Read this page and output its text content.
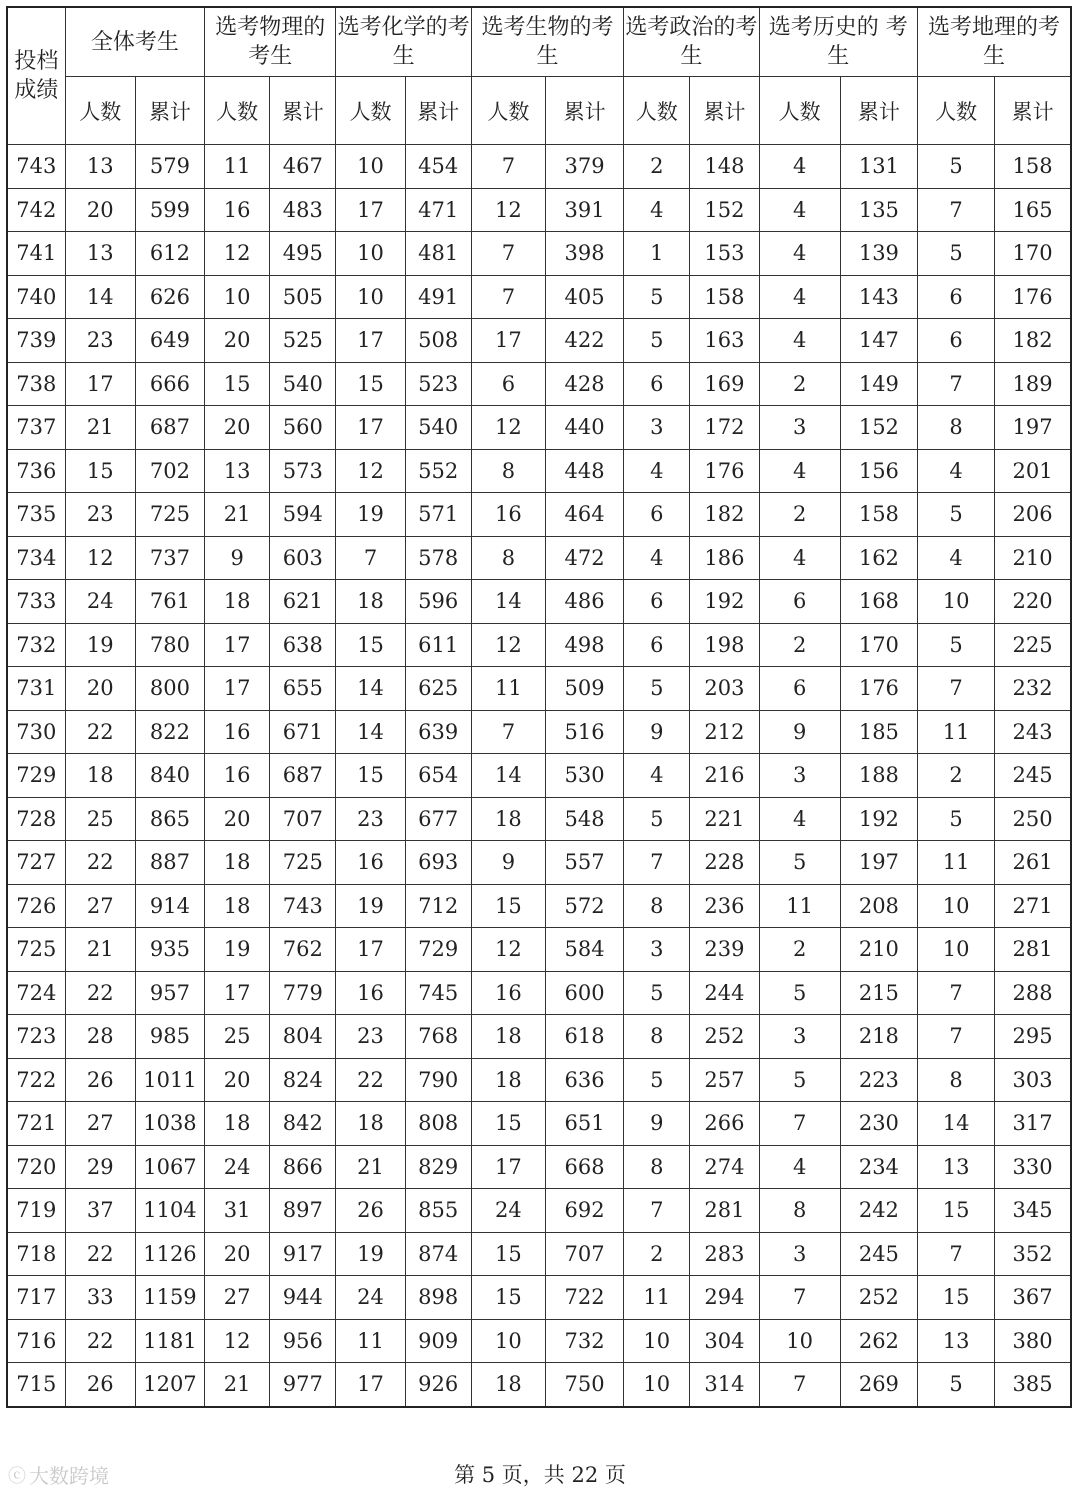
投档成绩	全体考生		选考物理的考生		选考化学的考生		选考生物的考生		选考政治的考生		选考历史的 考生		选考地理的考生	
	人数	累计	人数	累计	人数	累计	人数	累计	人数	累计	人数	累计	人数	累计
743	13	579	11	467	10	454	7	379	2	148	4	131	5	158
742	20	599	16	483	17	471	12	391	4	152	4	135	7	165
741	13	612	12	495	10	481	7	398	1	153	4	139	5	170
740	14	626	10	505	10	491	7	405	5	158	4	143	6	176
739	23	649	20	525	17	508	17	422	5	163	4	147	6	182
738	17	666	15	540	15	523	6	428	6	169	2	149	7	189
737	21	687	20	560	17	540	12	440	3	172	3	152	8	197
736	15	702	13	573	12	552	8	448	4	176	4	156	4	201
735	23	725	21	594	19	571	16	464	6	182	2	158	5	206
734	12	737	9	603	7	578	8	472	4	186	4	162	4	210
733	24	761	18	621	18	596	14	486	6	192	6	168	10	220
732	19	780	17	638	15	611	12	498	6	198	2	170	5	225
731	20	800	17	655	14	625	11	509	5	203	6	176	7	232
730	22	822	16	671	14	639	7	516	9	212	9	185	11	243
729	18	840	16	687	15	654	14	530	4	216	3	188	2	245
728	25	865	20	707	23	677	18	548	5	221	4	192	5	250
727	22	887	18	725	16	693	9	557	7	228	5	197	11	261
726	27	914	18	743	19	712	15	572	8	236	11	208	10	271
725	21	935	19	762	17	729	12	584	3	239	2	210	10	281
724	22	957	17	779	16	745	16	600	5	244	5	215	7	288
723	28	985	25	804	23	768	18	618	8	252	3	218	7	295
722	26	1011	20	824	22	790	18	636	5	257	5	223	8	303
721	27	1038	18	842	18	808	15	651	9	266	7	230	14	317
720	29	1067	24	866	21	829	17	668	8	274	4	234	13	330
719	37	1104	31	897	26	855	24	692	7	281	8	242	15	345
718	22	1126	20	917	19	874	15	707	2	283	3	245	7	352
717	33	1159	27	944	24	898	15	722	11	294	7	252	15	367
716	22	1181	12	956	11	909	10	732	10	304	10	262	13	380
715	26	1207	21	977	17	926	18	750	10	314	7	269	5	385
ⓒ 大数跨境	第 5 页，共 22 页
